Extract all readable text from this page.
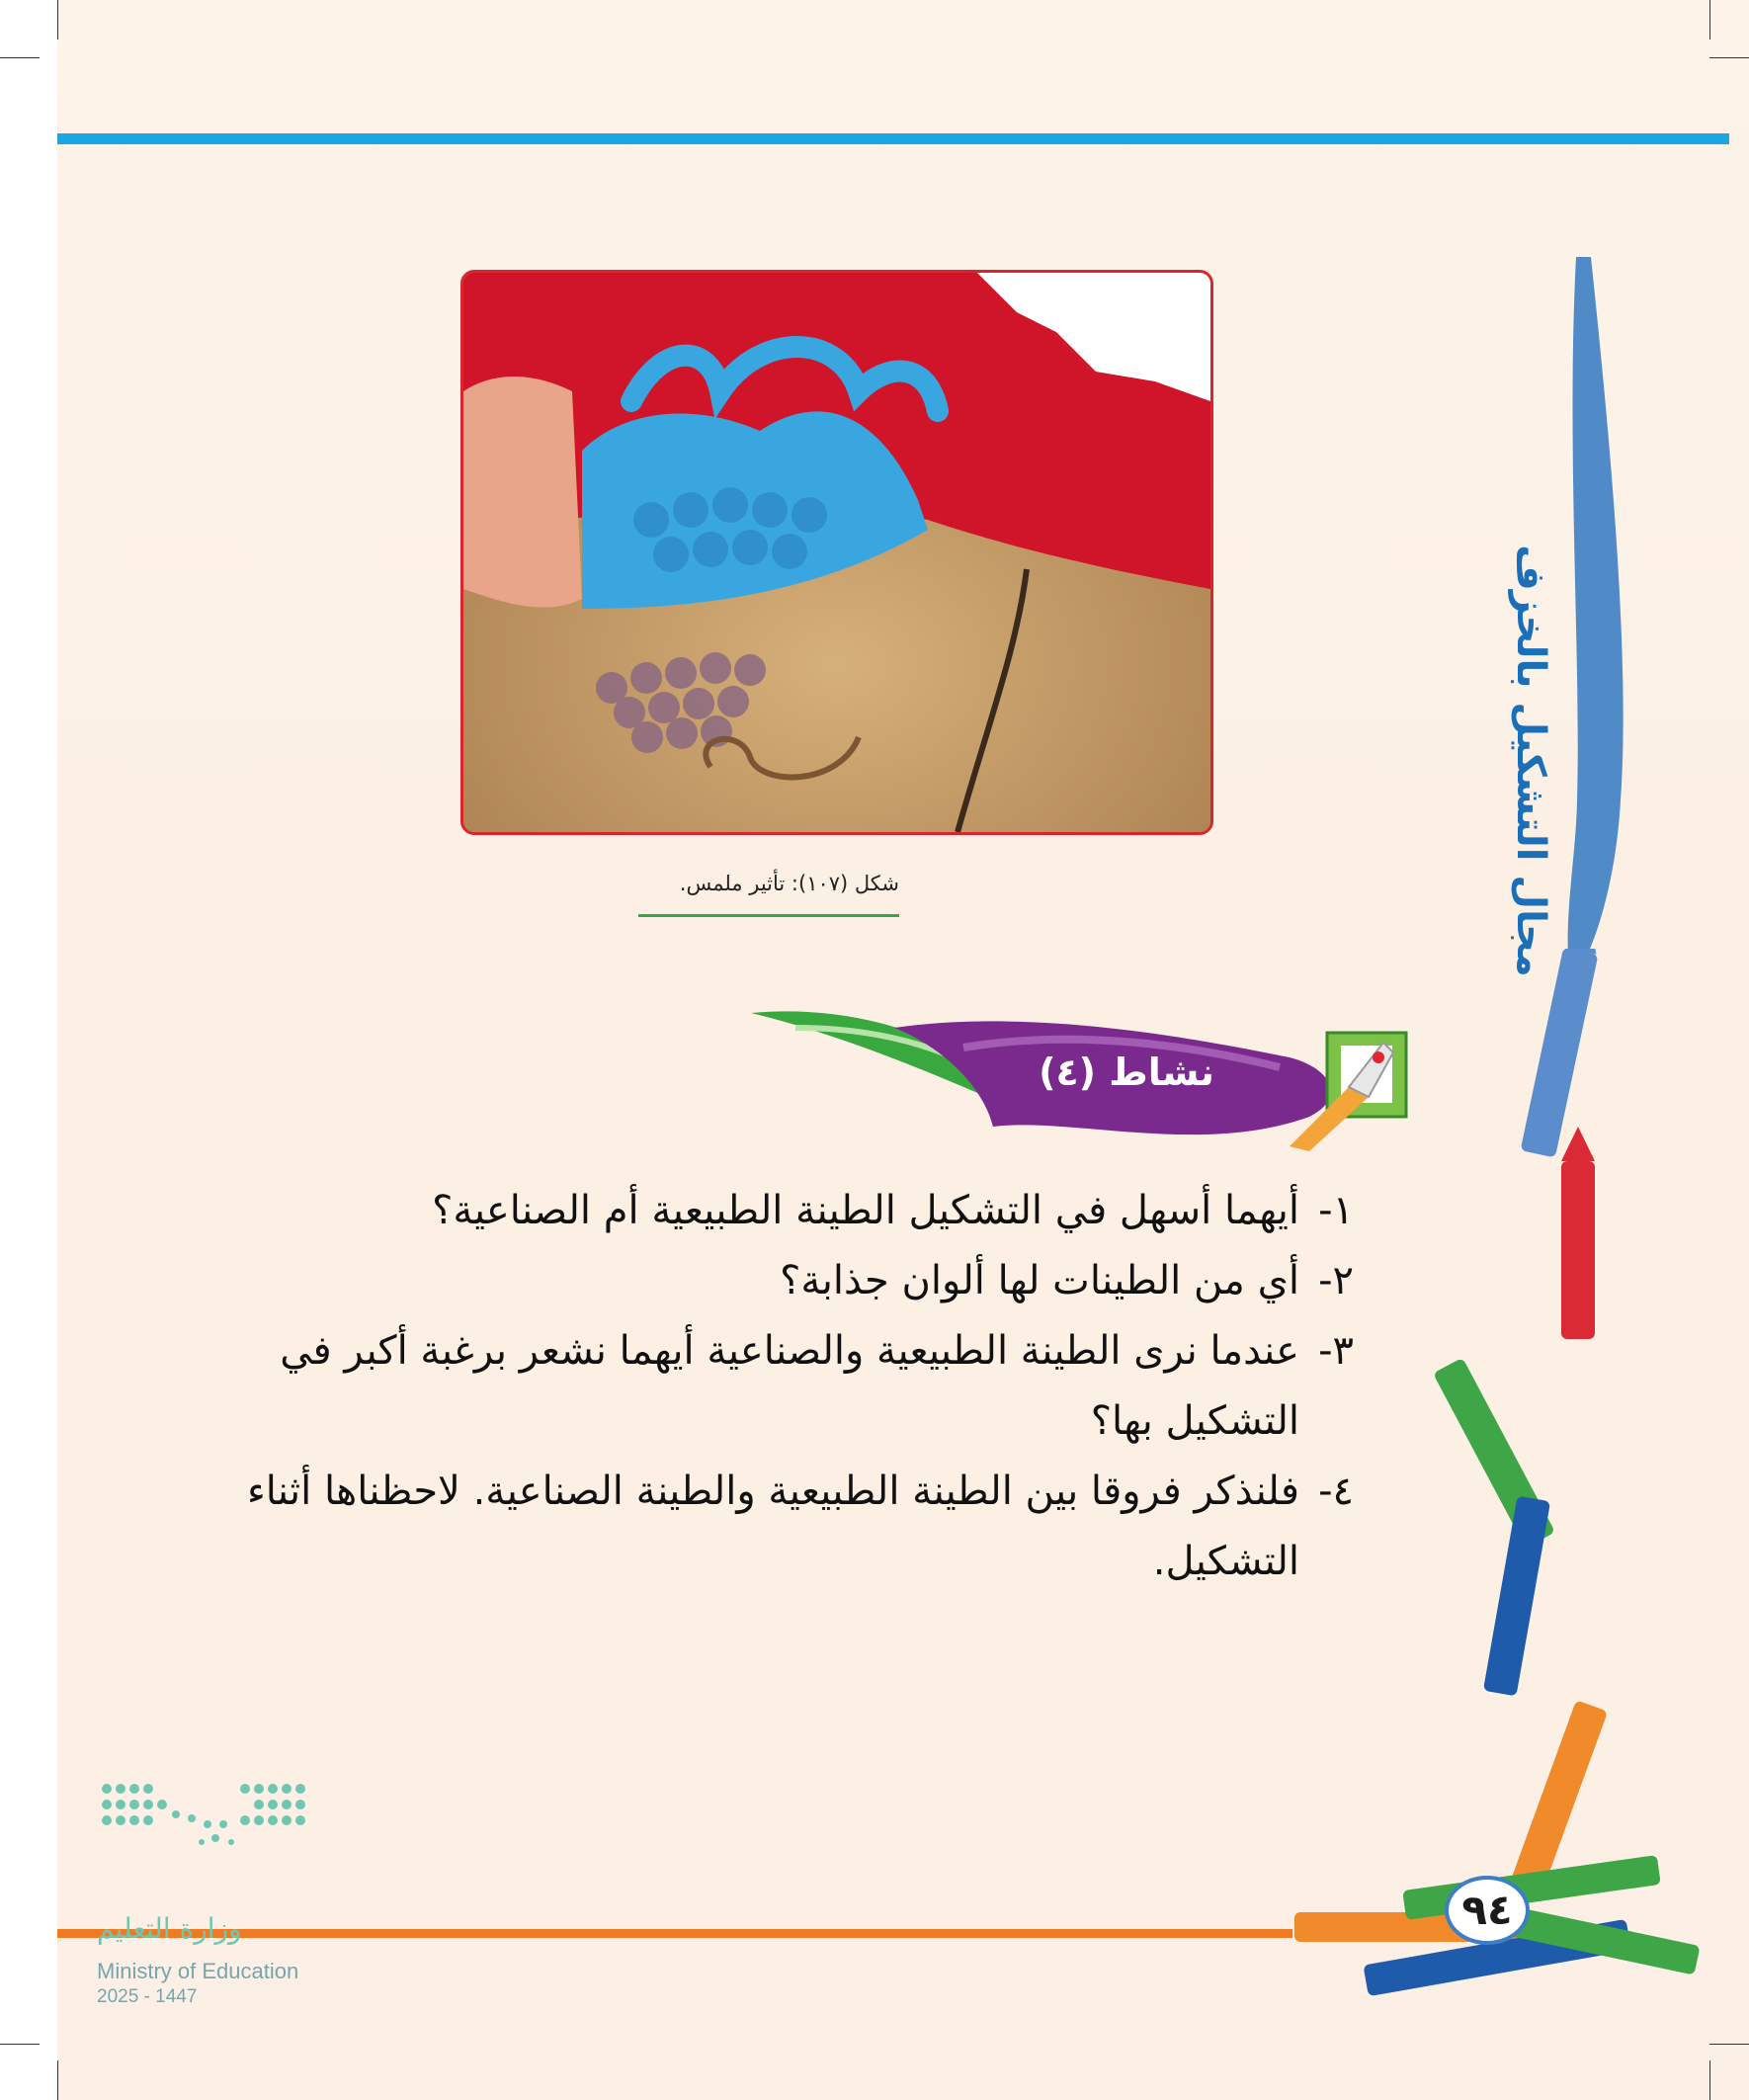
شكل (١٠٧): تأثير ملمس.
نشاط (٤)

١-
أيهما أسهل في التشكيل الطينة الطبيعية أم الصناعية؟

٢-
أي من الطينات لها ألوان جذابة؟

٣-
عندما نرى الطينة الطبيعية والصناعية أيهما نشعر برغبة أكبر في التشكيل بها؟

٤-
فلنذكر فروقا بين الطينة الطبيعية والطينة الصناعية. لاحظناها أثناء التشكيل.

مجال التشكيل بالخزف
٩٤
وزارة التعليم
Ministry of Education
2025 - 1447
